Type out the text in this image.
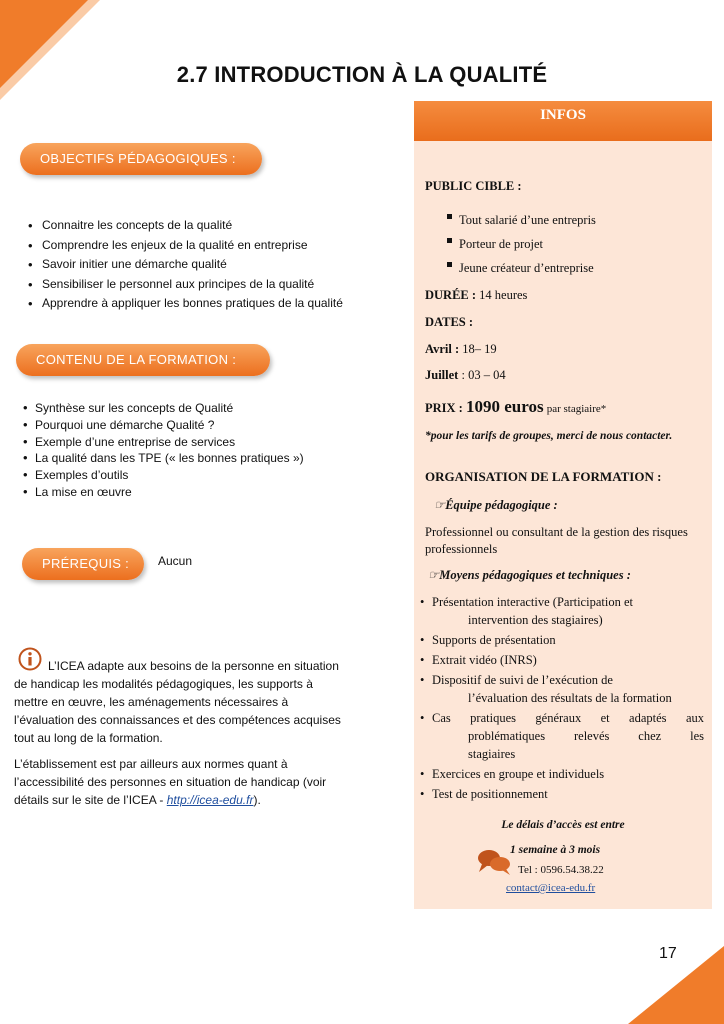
2.7 INTRODUCTION À LA QUALITÉ
OBJECTIFS PÉDAGOGIQUES :
• Connaitre les concepts de la qualité
• Comprendre les enjeux de la qualité en entreprise
• Savoir initier une démarche qualité
• Sensibiliser le personnel aux principes de la qualité
• Apprendre à appliquer les bonnes pratiques de la qualité
CONTENU DE LA FORMATION :
• Synthèse sur les concepts de Qualité
• Pourquoi une démarche Qualité ?
• Exemple d’une entreprise de services
• La qualité dans les TPE (« les bonnes pratiques »)
• Exemples d’outils
• La mise en œuvre
PRÉREQUIS :	Aucun

L’ICEA adapte aux besoins de la personne en situation de handicap les modalités pédagogiques, les supports à mettre en œuvre, les aménagements nécessaires à l’évaluation des connaissances et des compétences acquises tout au long de la formation.

L’établissement est par ailleurs aux normes quant à l’accessibilité des personnes en situation de handicap (voir détails sur le site de l’ICEA - http://icea-edu.fr).

INFOS
PUBLIC CIBLE :
Tout salarié d’une entrepris
Porteur de projet
Jeune créateur d’entreprise
DURÉE : 14 heures
DATES :
Avril : 18– 19
Juillet : 03 – 04
PRIX : 1090 euros par stagiaire*
*pour les tarifs de groupes, merci de nous contacter.
ORGANISATION DE LA FORMATION :
☞Équipe pédagogique :
Professionnel ou consultant de la gestion des risques professionnels
☞Moyens pédagogiques et techniques :
• Présentation interactive (Participation et
intervention des stagiaires)
• Supports de présentation
• Extrait vidéo (INRS)
• Dispositif de suivi de l’exécution de
l’évaluation des résultats de la formation
• Cas pratiques généraux et adaptés aux
problématiques relevés chez les
stagiaires
• Exercices en groupe et individuels
• Test de positionnement
Le délais d’accès est entre
1 semaine à 3 mois
Tel : 0596.54.38.22
contact@icea-edu.fr
17
